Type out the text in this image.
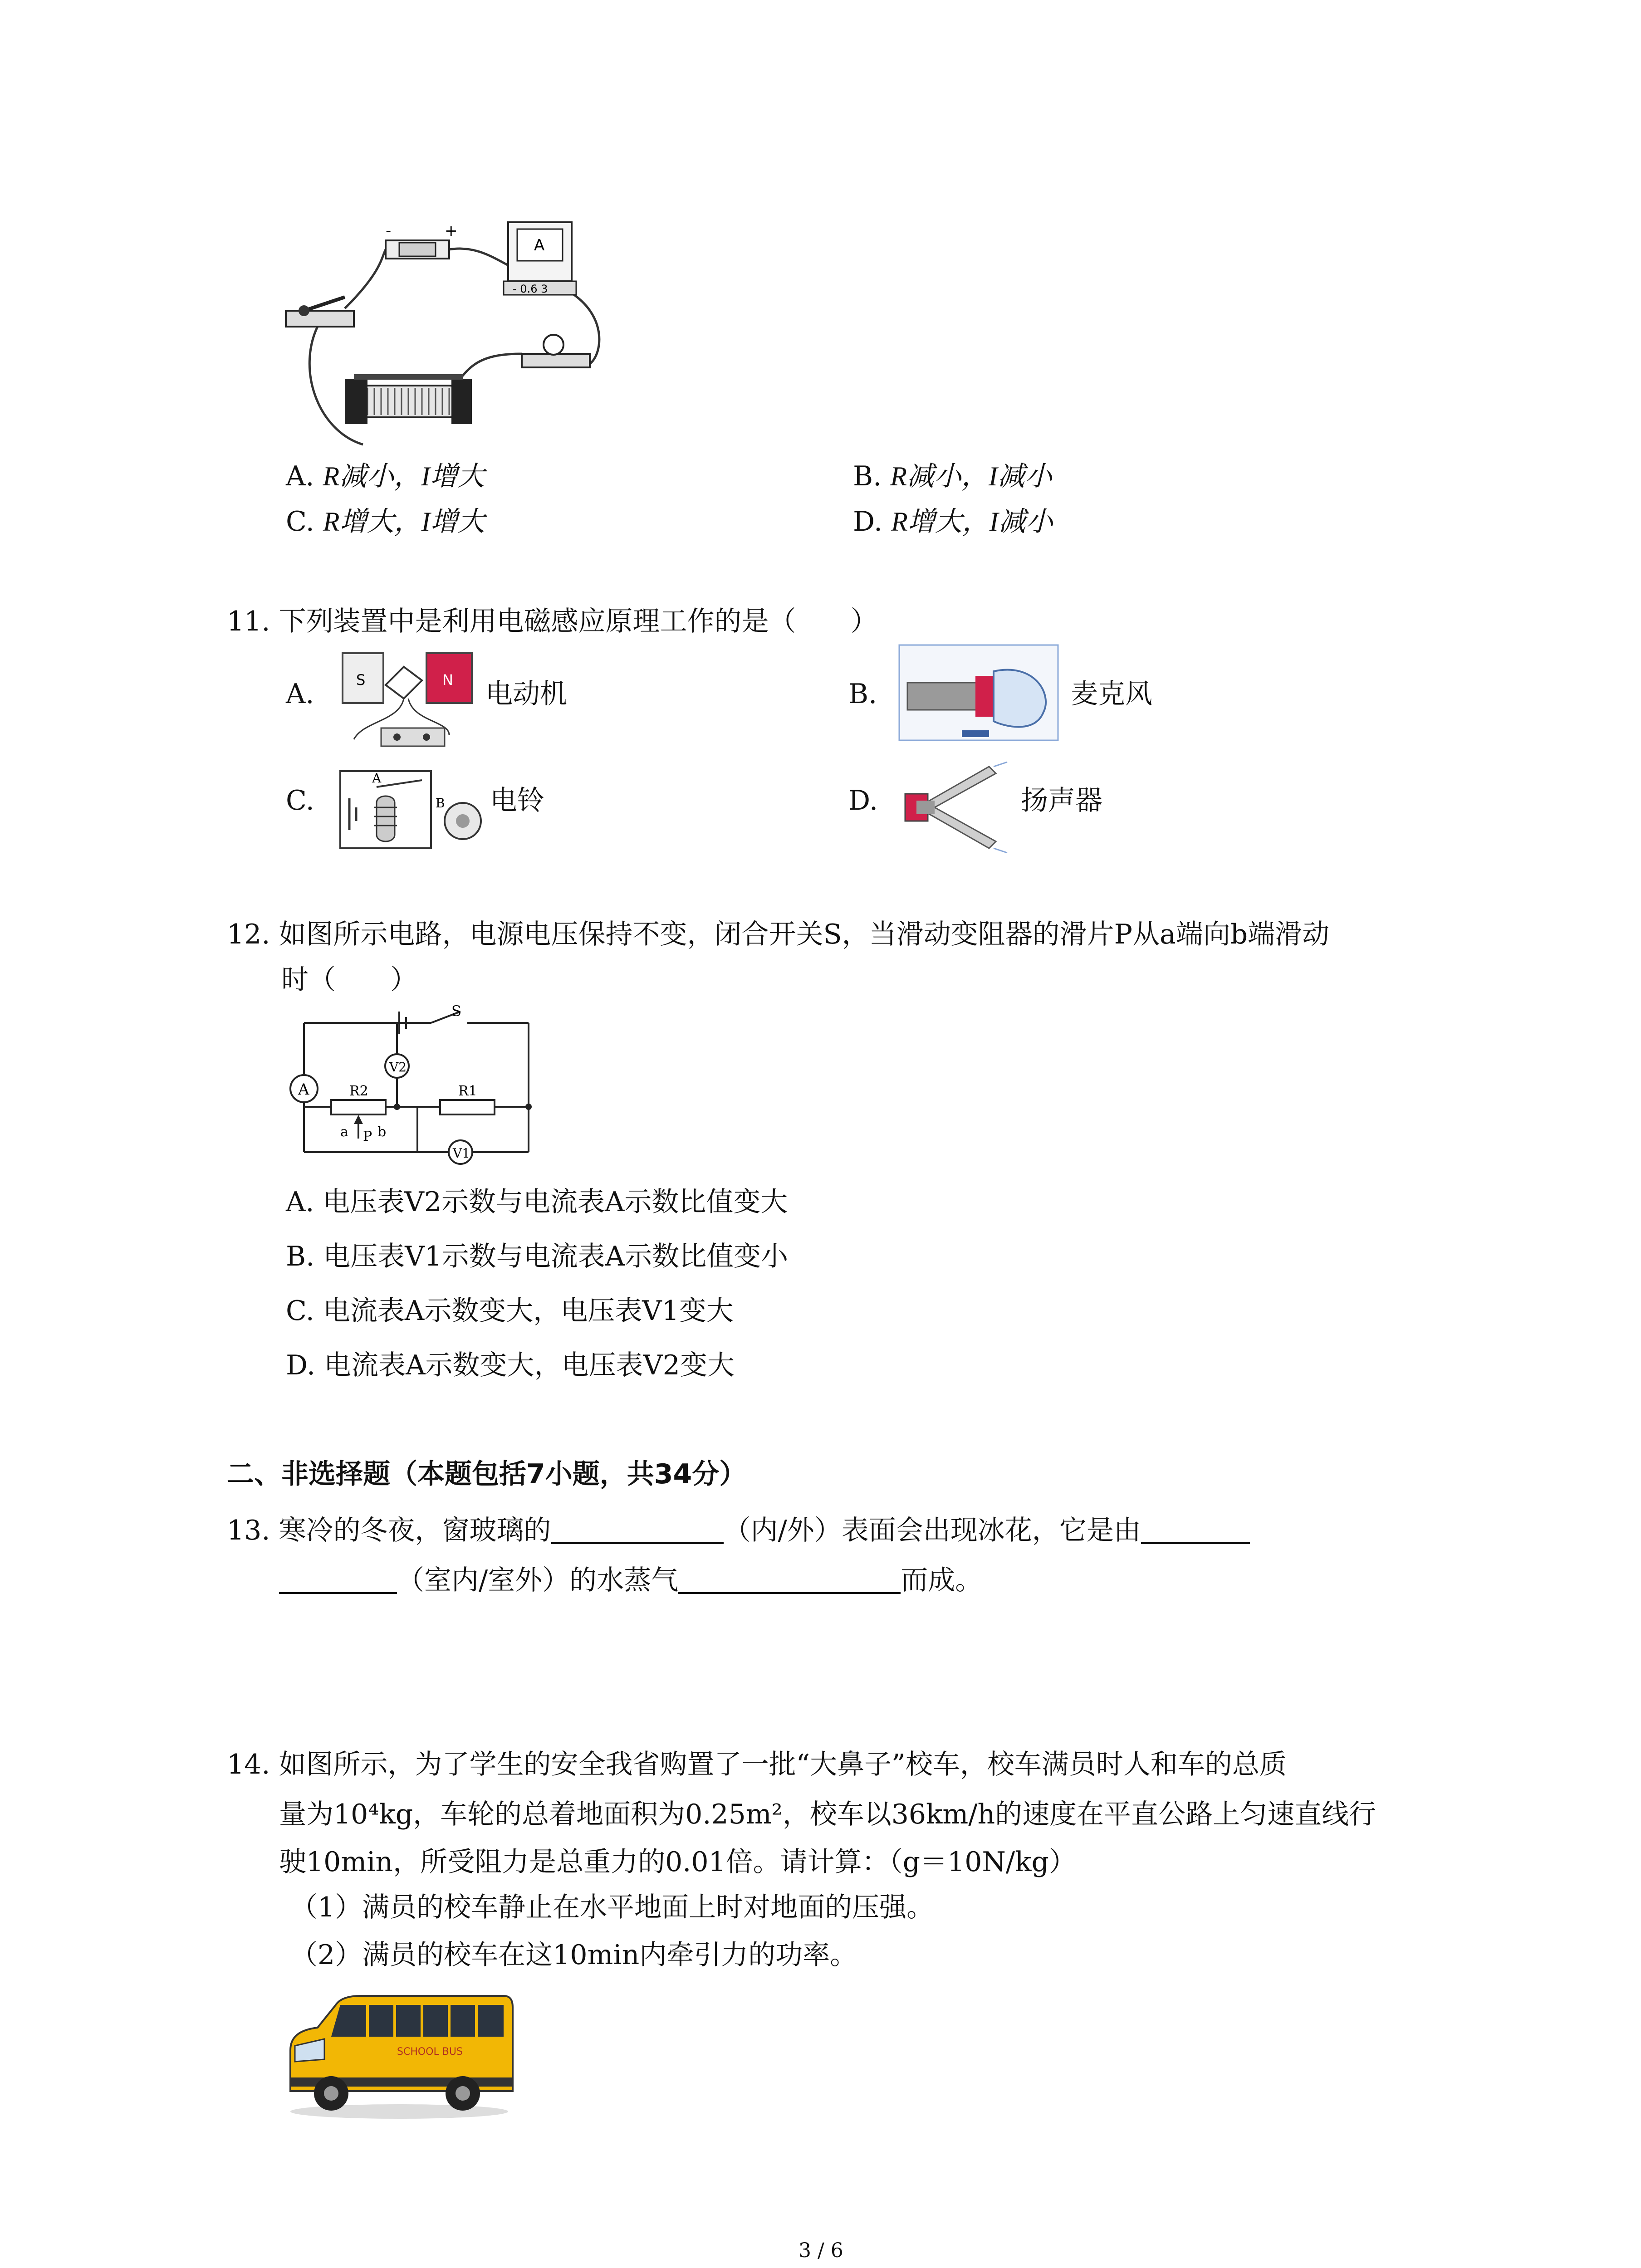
-	+
A
- 0.6 3
A. R减小，I增大	B. R减小，I减小
C. R增大，I增大	D. R增大，I减小
11. 下列装置中是利用电磁感应原理工作的是（　　）
A.	S	N 电动机	B.	麦克风
C.
A
B 电铃	D.	扬声器
12. 如图所示电路，电源电压保持不变，闭合开关S，当滑动变阻器的滑片P从a端向b端滑动
时（　　）
A
V2
V1
S
R2	R1
a P b
A. 电压表V2示数与电流表A示数比值变大
B. 电压表V1示数与电流表A示数比值变小
C. 电流表A示数变大，电压表V1变大
D. 电流表A示数变大，电压表V2变大
二、非选择题（本题包括7小题，共34分）
13. 寒冷的冬夜，窗玻璃的	（内/外）表面会出现冰花，它是由
（室内/室外）的水蒸气	而成。
14. 如图所示，为了学生的安全我省购置了一批“大鼻子”校车，校车满员时人和车的总质
量为10⁴kg，车轮的总着地面积为0.25m²，校车以36km/h的速度在平直公路上匀速直线行
驶10min，所受阻力是总重力的0.01倍。请计算：（g＝10N/kg）
（1）满员的校车静止在水平地面上时对地面的压强。
（2）满员的校车在这10min内牵引力的功率。
SCHOOL BUS
3 / 6
